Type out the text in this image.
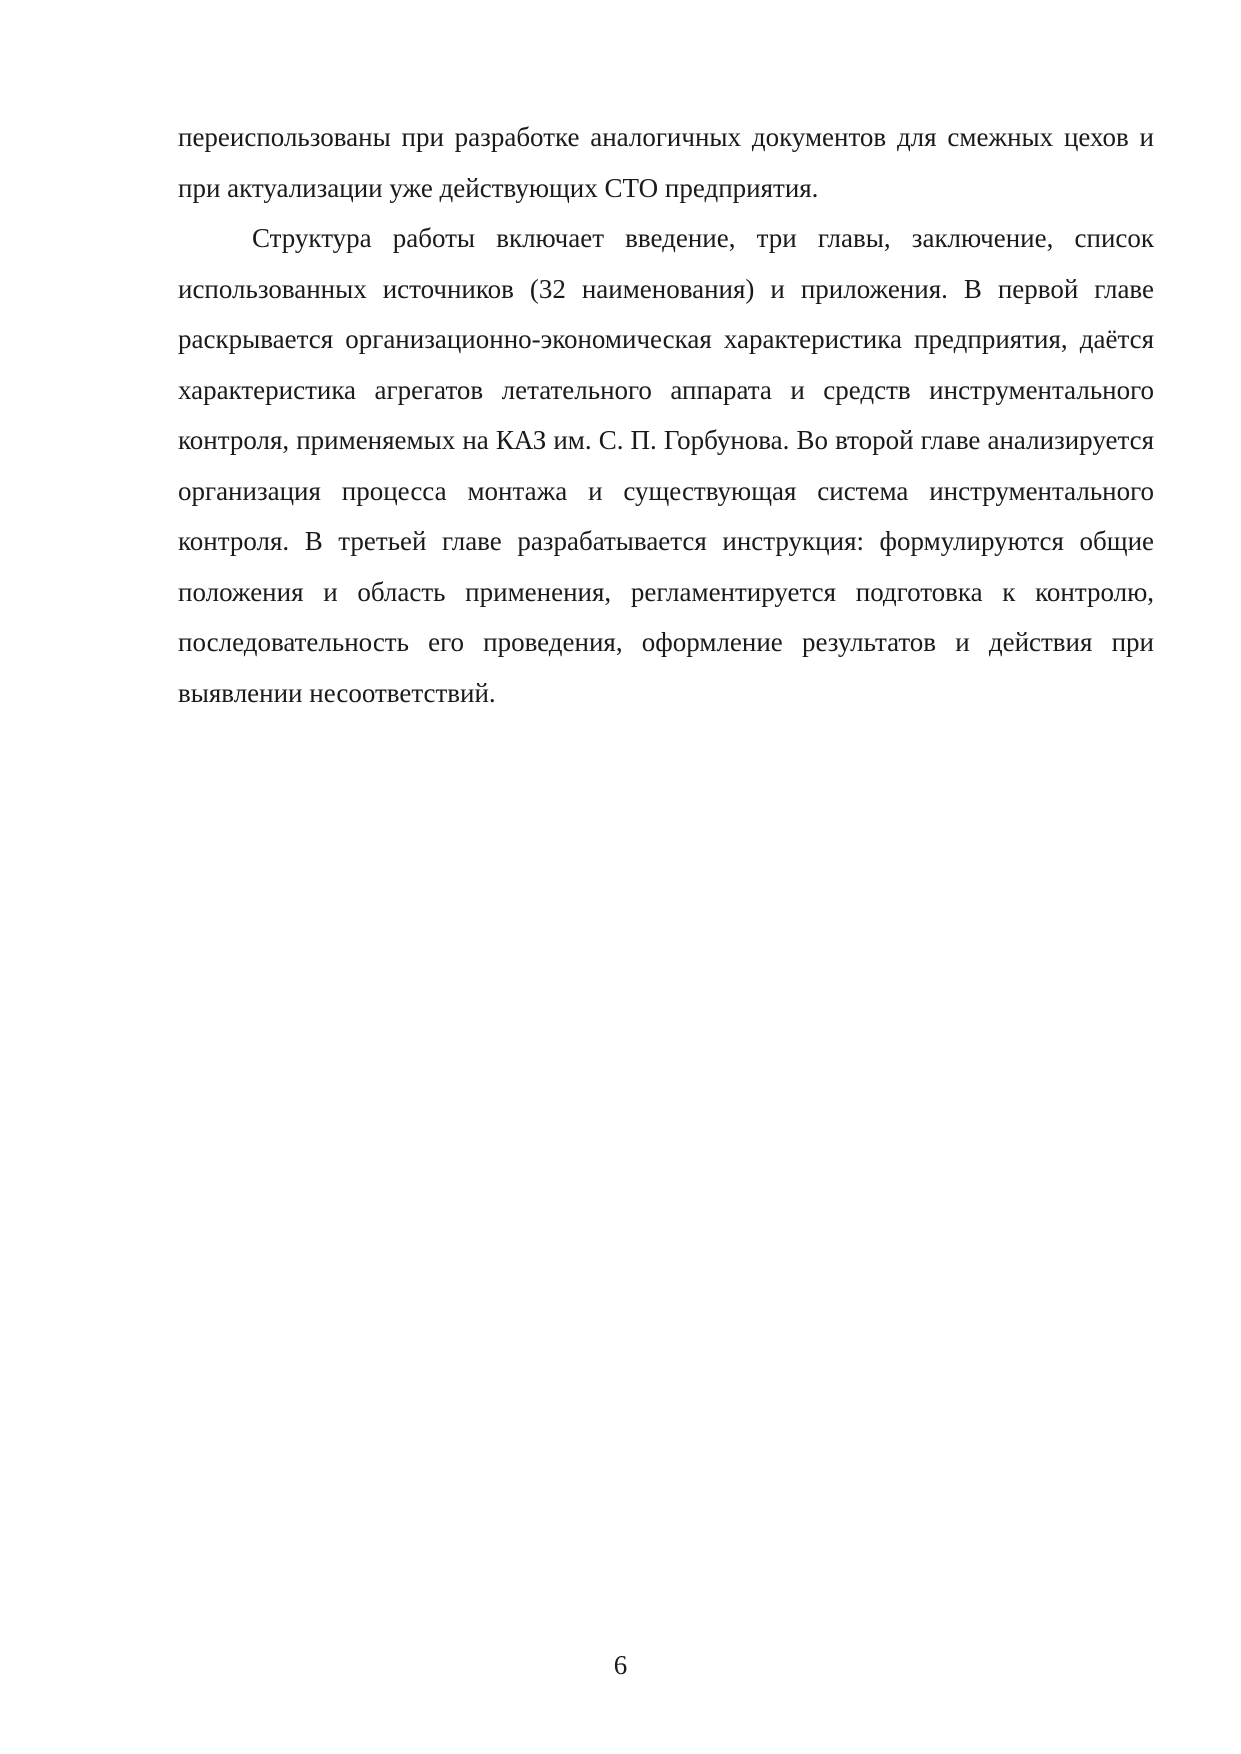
переиспользованы при разработке аналогичных документов для смежных цехов и при актуализации уже действующих СТО предприятия.

Структура работы включает введение, три главы, заключение, список использованных источников (32 наименования) и приложения. В первой главе раскрывается организационно-экономическая характеристика предприятия, даётся характеристика агрегатов летательного аппарата и средств инструментального контроля, применяемых на КАЗ им. С. П. Горбунова. Во второй главе анализируется организация процесса монтажа и существующая система инструментального контроля. В третьей главе разрабатывается инструкция: формулируются общие положения и область применения, регламентируется подготовка к контролю, последовательность его проведения, оформление результатов и действия при выявлении несоответствий.

6
